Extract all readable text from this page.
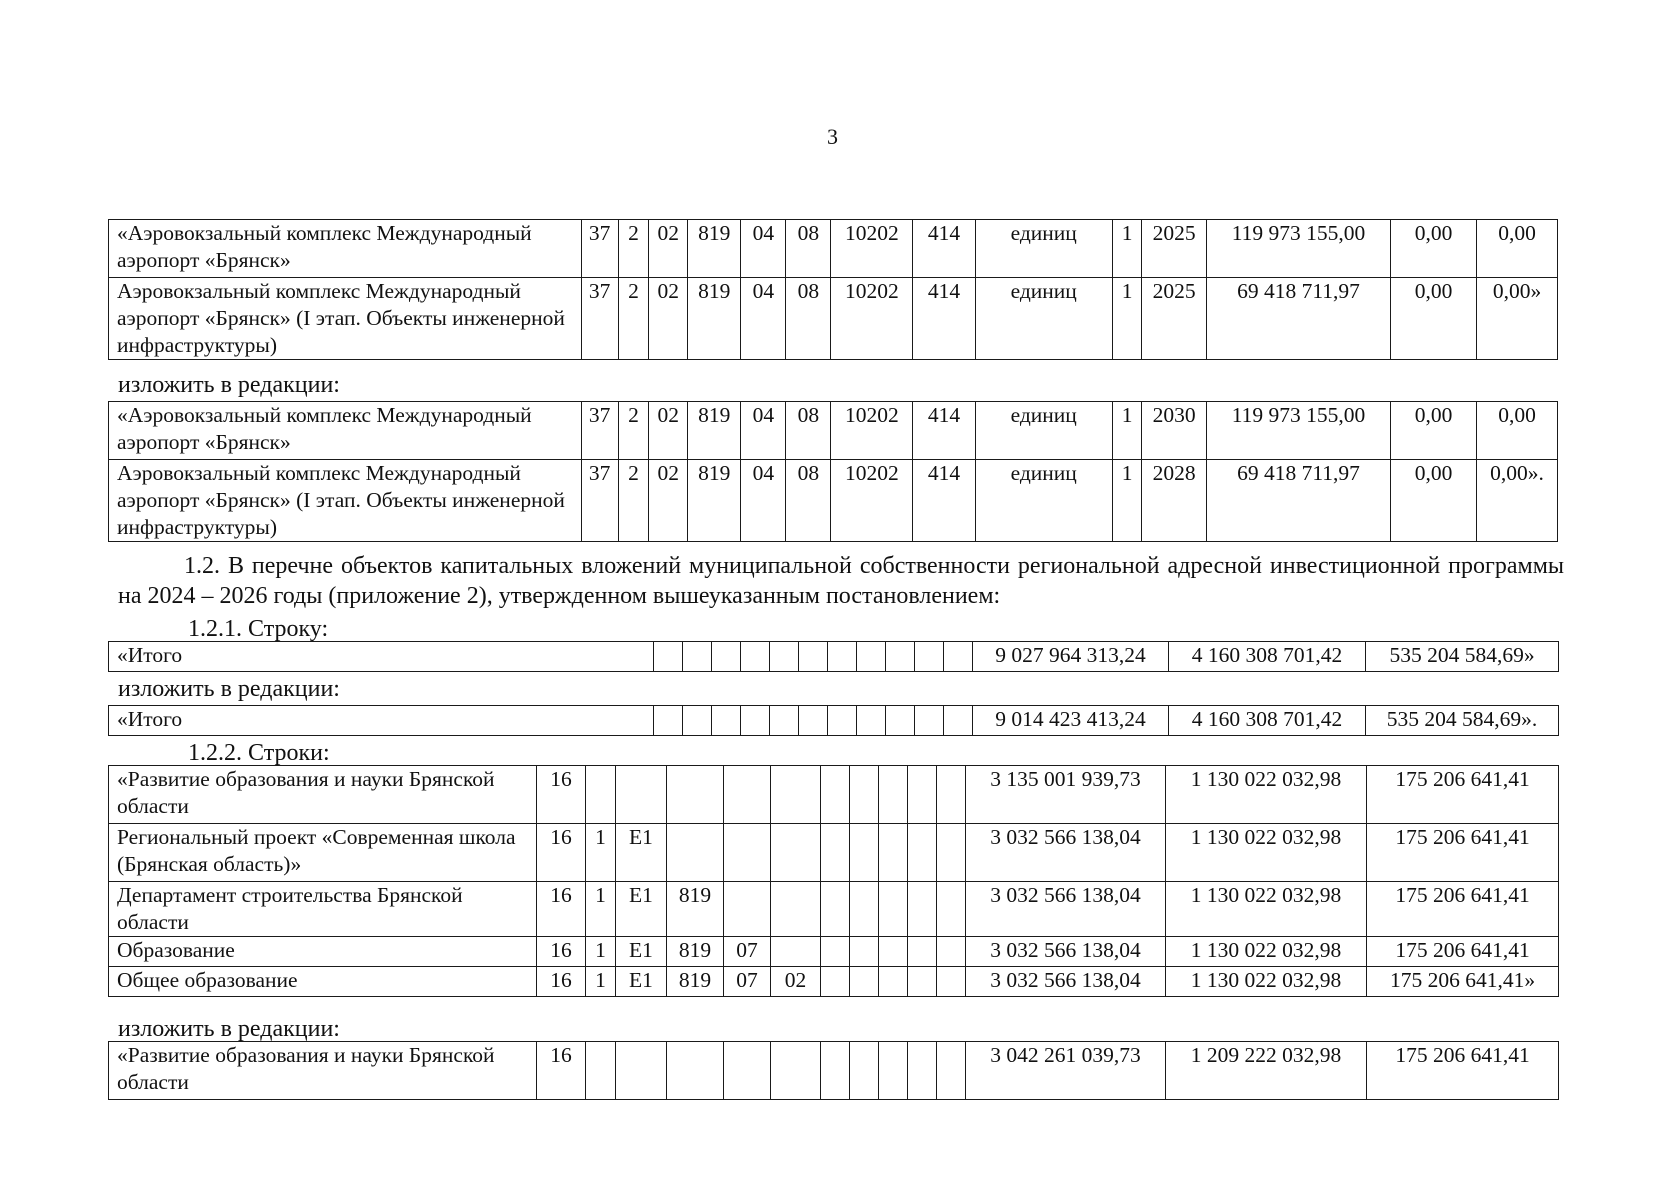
3
«Аэровокзальный комплекс Международный аэропорт «Брянск»	37	2	02	819	04	08	10202	414	единиц	1	2025	119 973 155,00	0,00	0,00
Аэровокзальный комплекс Международный аэропорт «Брянск» (I этап. Объекты инженерной инфраструктуры)	37	2	02	819	04	08	10202	414	единиц	1	2025	69 418 711,97	0,00	0,00»
изложить в редакции:
«Аэровокзальный комплекс Международный аэропорт «Брянск»	37	2	02	819	04	08	10202	414	единиц	1	2030	119 973 155,00	0,00	0,00
Аэровокзальный комплекс Международный аэропорт «Брянск» (I этап. Объекты инженерной инфраструктуры)	37	2	02	819	04	08	10202	414	единиц	1	2028	69 418 711,97	0,00	0,00».
1.2. В перечне объектов капитальных вложений муниципальной собственности региональной адресной инвестиционной программы на 2024 – 2026 годы (приложение 2), утвержденном вышеуказанным постановлением:
1.2.1. Строку:
«Итого												9 027 964 313,24	4 160 308 701,42	535 204 584,69»
изложить в редакции:
«Итого												9 014 423 413,24	4 160 308 701,42	535 204 584,69».
1.2.2. Строки:
«Развитие образования и науки Брянской области	16											3 135 001 939,73	1 130 022 032,98	175 206 641,41
Региональный проект «Современная школа (Брянская область)»	16	1	E1									3 032 566 138,04	1 130 022 032,98	175 206 641,41
Департамент строительства Брянской области	16	1	E1	819								3 032 566 138,04	1 130 022 032,98	175 206 641,41
Образование	16	1	E1	819	07							3 032 566 138,04	1 130 022 032,98	175 206 641,41
Общее образование	16	1	E1	819	07	02						3 032 566 138,04	1 130 022 032,98	175 206 641,41»
изложить в редакции:
«Развитие образования и науки Брянской области	16											3 042 261 039,73	1 209 222 032,98	175 206 641,41
